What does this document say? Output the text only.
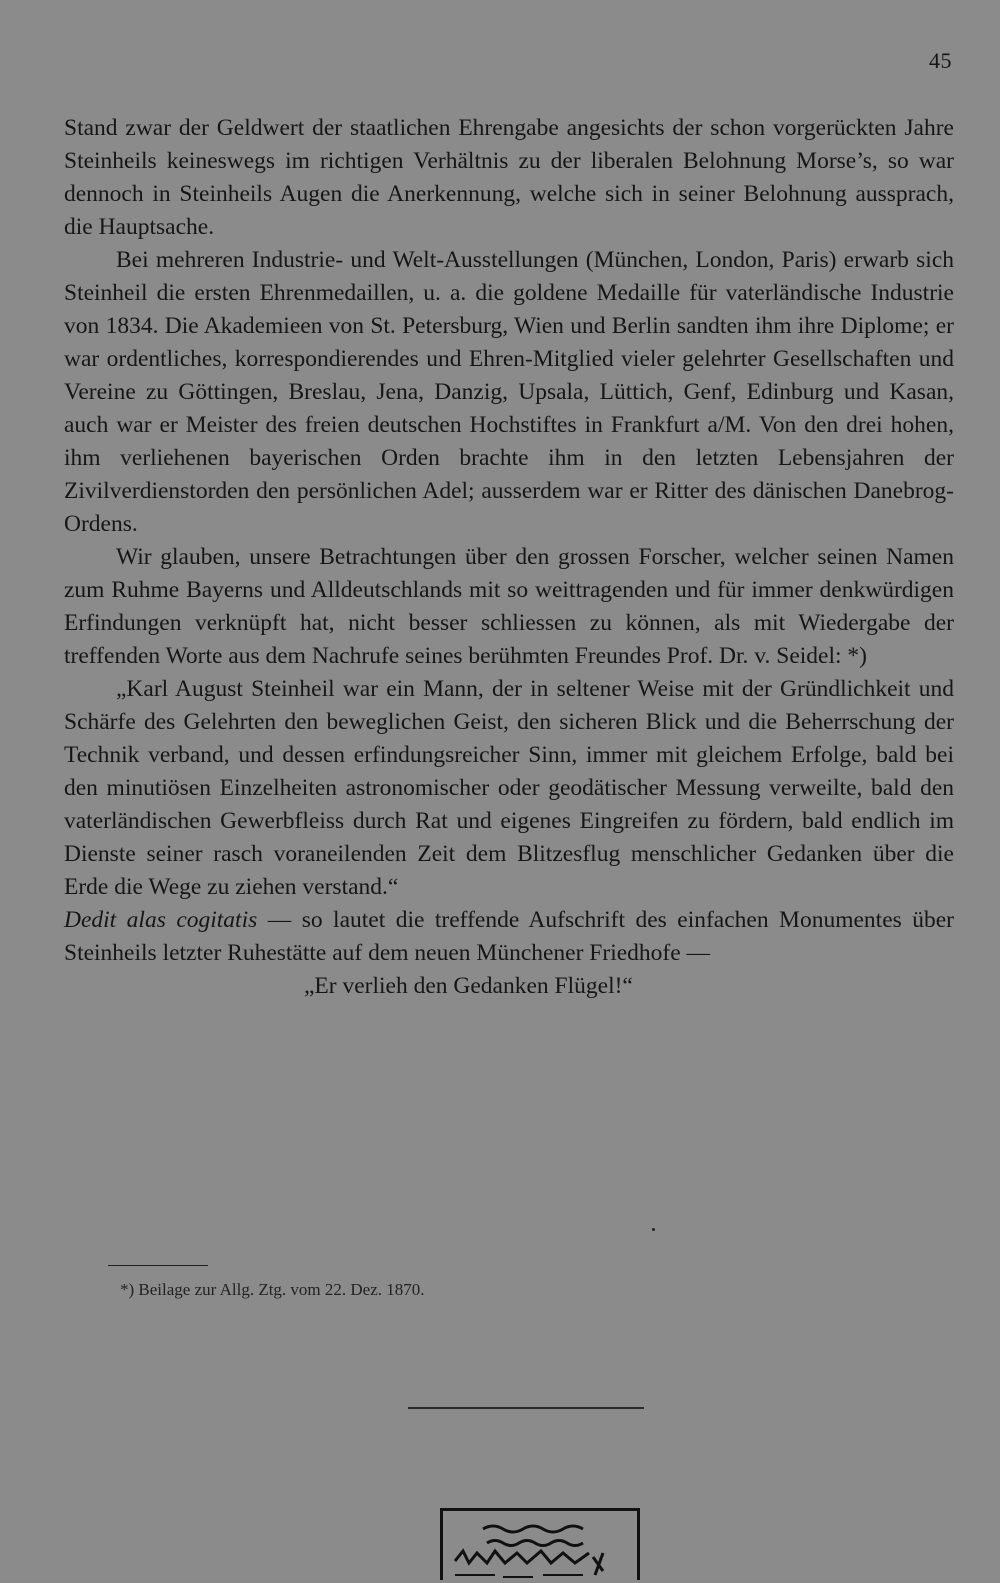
45

Stand zwar der Geldwert der staatlichen Ehrengabe angesichts der schon vorgerückten Jahre Steinheils keineswegs im richtigen Verhältnis zu der liberalen Belohnung Morse’s, so war dennoch in Steinheils Augen die Anerkennung, welche sich in seiner Belohnung aussprach, die Hauptsache.

Bei mehreren Industrie- und Welt-Ausstellungen (München, London, Paris) erwarb sich Steinheil die ersten Ehrenmedaillen, u. a. die goldene Medaille für vaterländische Industrie von 1834. Die Akademieen von St. Petersburg, Wien und Berlin sandten ihm ihre Diplome; er war ordentliches, korrespondierendes und Ehren-Mitglied vieler gelehrter Gesellschaften und Vereine zu Göttingen, Breslau, Jena, Danzig, Upsala, Lüttich, Genf, Edinburg und Kasan, auch war er Meister des freien deutschen Hochstiftes in Frankfurt a/M. Von den drei hohen, ihm verliehenen bayerischen Orden brachte ihm in den letzten Lebensjahren der Zivilverdienstorden den persönlichen Adel; ausserdem war er Ritter des dänischen Danebrog-Ordens.

Wir glauben, unsere Betrachtungen über den grossen Forscher, welcher seinen Namen zum Ruhme Bayerns und Alldeutschlands mit so weittragenden und für immer denkwürdigen Erfindungen verknüpft hat, nicht besser schliessen zu können, als mit Wiedergabe der treffenden Worte aus dem Nachrufe seines berühmten Freundes Prof. Dr. v. Seidel: *)

„Karl August Steinheil war ein Mann, der in seltener Weise mit der Gründlichkeit und Schärfe des Gelehrten den beweglichen Geist, den sicheren Blick und die Beherrschung der Technik verband, und dessen erfindungsreicher Sinn, immer mit gleichem Erfolge, bald bei den minutiösen Einzelheiten astronomischer oder geodätischer Messung verweilte, bald den vaterländischen Gewerbfleiss durch Rat und eigenes Eingreifen zu fördern, bald endlich im Dienste seiner rasch voraneilenden Zeit dem Blitzesflug menschlicher Gedanken über die Erde die Wege zu ziehen verstand.“

Dedit alas cogitatis — so lautet die treffende Aufschrift des einfachen Monumentes über Steinheils letzter Ruhestätte auf dem neuen Münchener Friedhofe —

„Er verlieh den Gedanken Flügel!“

*) Beilage zur Allg. Ztg. vom 22. Dez. 1870.
